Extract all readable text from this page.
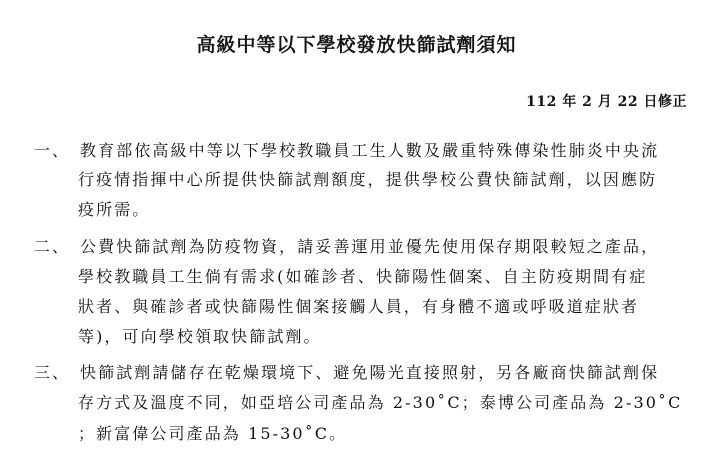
高級中等以下學校發放快篩試劑須知
112 年 2 月 22 日修正
一、 教育部依高級中等以下學校教職員工生人數及嚴重特殊傳染性肺炎中央流
行疫情指揮中心所提供快篩試劑額度，提供學校公費快篩試劑，以因應防
疫所需。
二、 公費快篩試劑為防疫物資，請妥善運用並優先使用保存期限較短之產品，
學校教職員工生倘有需求(如確診者、快篩陽性個案、自主防疫期間有症
狀者、與確診者或快篩陽性個案接觸人員，有身體不適或呼吸道症狀者
等)，可向學校領取快篩試劑。
三、 快篩試劑請儲存在乾燥環境下、避免陽光直接照射，另各廠商快篩試劑保
存方式及溫度不同，如亞培公司產品為 2-30˚C；泰博公司產品為 2-30˚C
；新富偉公司產品為 15-30˚C。
